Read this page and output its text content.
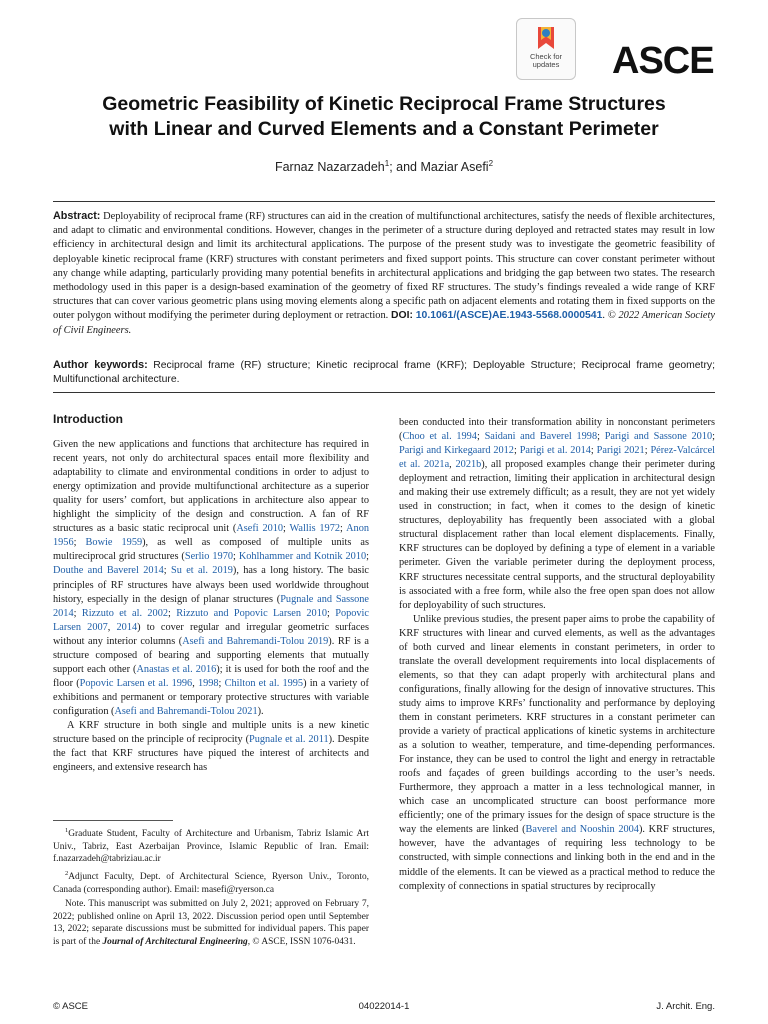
Check for
updates	ASCE
Geometric Feasibility of Kinetic Reciprocal Frame Structures
with Linear and Curved Elements and a Constant Perimeter
Farnaz Nazarzadeh$^1$; and Maziar Asefi$^2$
Abstract: Deployability of reciprocal frame (RF) structures can aid in the creation of multifunctional architectures, satisfy the needs of flexible architectures, and adapt to climatic and environmental conditions. However, changes in the perimeter of a structure during deployed and retracted states may result in low efficiency in architectural design and limit its architectural applications. The purpose of the present study was to investigate the geometric feasibility of deployable kinetic reciprocal frame (KRF) structures with constant perimeters and fixed support points. This structure can cover constant perimeter without any change while adapting, particularly providing many potential benefits in architectural applications and bridging the gap between two states. The research methodology used in this paper is a design-based examination of the geometry of fixed RF structures. The study’s findings revealed a wide range of KRF structures that can cover various geometric plans using moving elements along a specific path on adjacent elements and rotating them in fixed supports on the outer polygon without modifying the perimeter during deployment or retraction. DOI: 10.1061/(ASCE)AE.1943-5568.0000541. © 2022 American Society of Civil Engineers.
Author keywords: Reciprocal frame (RF) structure; Kinetic reciprocal frame (KRF); Deployable Structure; Reciprocal frame geometry; Multifunctional architecture.
Introduction

Given the new applications and functions that architecture has required in recent years, not only do architectural spaces entail more flexibility and adaptability to climate and environmental conditions in order to adjust to energy optimization and provide multifunctional architecture as a superior quality for users’ comfort, but applications in architecture also appear to highlight the simplicity of the design and construction. A fan of RF structures as a basic static reciprocal unit (Asefi 2010; Wallis 1972; Anon 1956; Bowie 1959), as well as composed of multiple units as multireciprocal grid structures (Serlio 1970; Kohlhammer and Kotnik 2010; Douthe and Baverel 2014; Su et al. 2019), has a long history. The basic principles of RF structures have always been used worldwide throughout history, especially in the design of planar structures (Pugnale and Sassone 2014; Rizzuto et al. 2002; Rizzuto and Popovic Larsen 2010; Popovic Larsen 2007, 2014) to cover regular and irregular geometric surfaces without any interior columns (Asefi and Bahremandi-Tolou 2019). RF is a structure composed of bearing and supporting elements that mutually support each other (Anastas et al. 2016); it is used for both the roof and the floor (Popovic Larsen et al. 1996, 1998; Chilton et al. 1995) in a variety of exhibitions and permanent or temporary protective structures with variable configuration (Asefi and Bahremandi-Tolou 2021).

A KRF structure in both single and multiple units is a new kinetic structure based on the principle of reciprocity (Pugnale et al. 2011). Despite the fact that KRF structures have piqued the interest of architects and engineers, and extensive research has

been conducted into their transformation ability in nonconstant perimeters (Choo et al. 1994; Saidani and Baverel 1998; Parigi and Sassone 2010; Parigi and Kirkegaard 2012; Parigi et al. 2014; Parigi 2021; Pérez-Valcárcel et al. 2021a, 2021b), all proposed examples change their perimeter during deployment and retraction, limiting their application in architectural design and making their use extremely difficult; as a result, they are not yet widely used in construction; in fact, when it comes to the design of kinetic structures, deployability has frequently been associated with a global structural displacement rather than local element displacements. Finally, KRF structures can be doployed by defining a type of element in a variable perimeter. Given the variable perimeter during the deployment process, KRF structures necessitate central supports, and the structural deployability is associated with a free form, while also the free open span does not allow for deployability of such structures.

Unlike previous studies, the present paper aims to probe the capability of KRF structures with linear and curved elements, as well as the advantages of both curved and linear elements in constant perimeters, in order to translate the overall development requirements into local displacements of elements, so that they can adapt properly with architectural plans and configurations, finally allowing for the design of innovative structures. This study aims to improve KRFs’ functionality and performance by deploying them in constant perimeters. KRF structures in a constant perimeter can provide a variety of practical applications of kinetic systems in architecture as a solution to weather, temperature, and time-depending performances. For instance, they can be used to control the light and energy in retractable roofs and façades of green buildings according to the user’s needs. Furthermore, they approach a matter in a less technological manner, in which case an uncomplicated structure can boost performance more efficiently; one of the primary issues for the design of space structure is the way the elements are linked (Baverel and Nooshin 2004). KRF structures, however, have the advantages of requiring less technology to be constructed, with simple connections and linking both in the end and in the middle of the elements. It can be viewed as a practical method to reduce the complexity of connections in spatial structures by reciprocally

$^1$Graduate Student, Faculty of Architecture and Urbanism, Tabriz Islamic Art Univ., Tabriz, East Azerbaijan Province, Islamic Republic of Iran. Email: f.nazarzadeh@tabriziau.ac.ir

$^2$Adjunct Faculty, Dept. of Architectural Science, Ryerson Univ., Toronto, Canada (corresponding author). Email: masefi@ryerson.ca

Note. This manuscript was submitted on July 2, 2021; approved on February 7, 2022; published online on April 13, 2022. Discussion period open until September 13, 2022; separate discussions must be submitted for individual papers. This paper is part of the Journal of Architectural Engineering, © ASCE, ISSN 1076-0431.

© ASCE	04022014-1	J. Archit. Eng.
